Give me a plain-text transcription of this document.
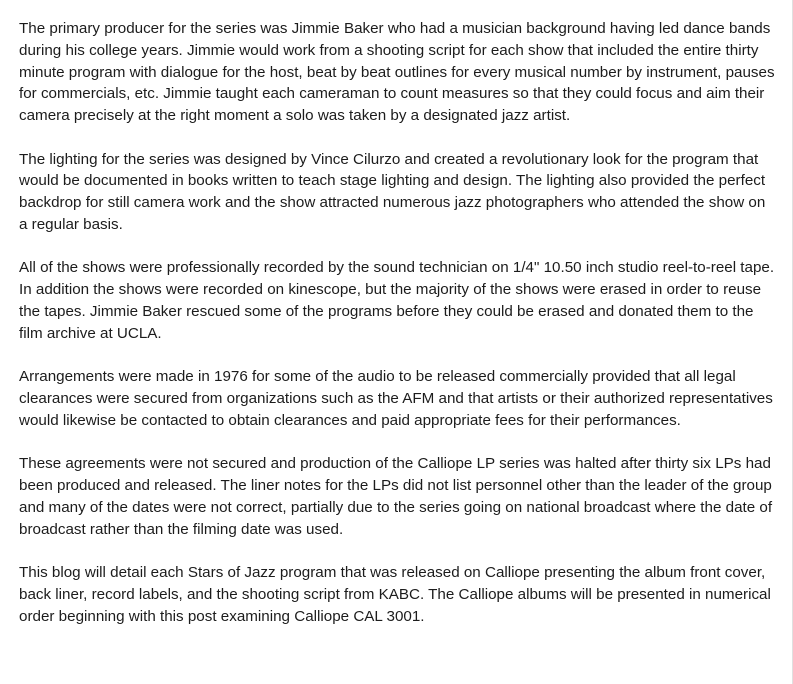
The primary producer for the series was Jimmie Baker who had a musician background having led dance bands during his college years. Jimmie would work from a shooting script for each show that included the entire thirty minute program with dialogue for the host, beat by beat outlines for every musical number by instrument, pauses for commercials, etc. Jimmie taught each cameraman to count measures so that they could focus and aim their camera precisely at the right moment a solo was taken by a designated jazz artist.

The lighting for the series was designed by Vince Cilurzo and created a revolutionary look for the program that would be documented in books written to teach stage lighting and design. The lighting also provided the perfect backdrop for still camera work and the show attracted numerous jazz photographers who attended the show on a regular basis.

All of the shows were professionally recorded by the sound technician on 1/4" 10.50 inch studio reel-to-reel tape. In addition the shows were recorded on kinescope, but the majority of the shows were erased in order to reuse the tapes. Jimmie Baker rescued some of the programs before they could be erased and donated them to the film archive at UCLA.

Arrangements were made in 1976 for some of the audio to be released commercially provided that all legal clearances were secured from organizations such as the AFM and that artists or their authorized representatives would likewise be contacted to obtain clearances and paid appropriate fees for their performances.

These agreements were not secured and production of the Calliope LP series was halted after thirty six LPs had been produced and released. The liner notes for the LPs did not list personnel other than the leader of the group and many of the dates were not correct, partially due to the series going on national broadcast where the date of broadcast rather than the filming date was used.

This blog will detail each Stars of Jazz program that was released on Calliope presenting the album front cover, back liner, record labels, and the shooting script from KABC. The Calliope albums will be presented in numerical order beginning with this post examining Calliope CAL 3001.
